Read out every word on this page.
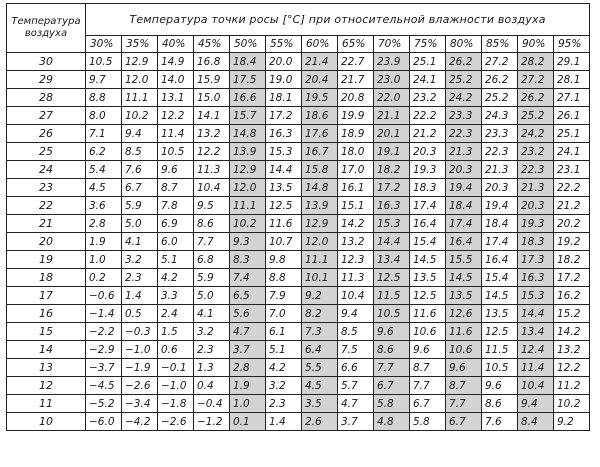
Температура воздуха	Температура точки росы [°С] при относительной влажности воздуха													
	30%	35%	40%	45%	50%	55%	60%	65%	70%	75%	80%	85%	90%	95%
30	10.5	12.9	14.9	16.8	18.4	20.0	21.4	22.7	23.9	25.1	26.2	27.2	28.2	29.1
29	9.7	12.0	14.0	15.9	17.5	19.0	20.4	21.7	23.0	24.1	25.2	26.2	27.2	28.1
28	8.8	11.1	13.1	15.0	16.6	18.1	19.5	20.8	22.0	23.2	24.2	25.2	26.2	27.1
27	8.0	10.2	12.2	14.1	15.7	17.2	18.6	19.9	21.1	22.2	23.3	24.3	25.2	26.1
26	7.1	9.4	11.4	13.2	14.8	16.3	17.6	18.9	20.1	21.2	22.3	23.3	24.2	25.1
25	6.2	8.5	10.5	12.2	13.9	15.3	16.7	18.0	19.1	20.3	21.3	22.3	23.2	24.1
24	5.4	7.6	9.6	11.3	12.9	14.4	15.8	17.0	18.2	19.3	20.3	21.3	22.3	23.1
23	4.5	6.7	8.7	10.4	12.0	13.5	14.8	16.1	17.2	18.3	19.4	20.3	21.3	22.2
22	3.6	5.9	7.8	9.5	11.1	12.5	13.9	15.1	16.3	17.4	18.4	19.4	20.3	21.2
21	2.8	5.0	6.9	8.6	10.2	11.6	12.9	14.2	15.3	16.4	17.4	18.4	19.3	20.2
20	1.9	4.1	6.0	7.7	9.3	10.7	12.0	13.2	14.4	15.4	16.4	17.4	18.3	19.2
19	1.0	3.2	5.1	6.8	8.3	9.8	11.1	12.3	13.4	14.5	15.5	16.4	17.3	18.2
18	0.2	2.3	4.2	5.9	7.4	8.8	10.1	11.3	12.5	13.5	14.5	15.4	16.3	17.2
17	−0.6	1.4	3.3	5.0	6.5	7.9	9.2	10.4	11.5	12.5	13.5	14.5	15.3	16.2
16	−1.4	0.5	2.4	4.1	5.6	7.0	8.2	9.4	10.5	11.6	12.6	13.5	14.4	15.2
15	−2.2	−0.3	1.5	3.2	4.7	6.1	7.3	8.5	9.6	10.6	11.6	12.5	13.4	14.2
14	−2.9	−1.0	0.6	2.3	3.7	5.1	6.4	7.5	8.6	9.6	10.6	11.5	12.4	13.2
13	−3.7	−1.9	−0.1	1.3	2.8	4.2	5.5	6.6	7.7	8.7	9.6	10.5	11.4	12.2
12	−4.5	−2.6	−1.0	0.4	1.9	3.2	4.5	5.7	6.7	7.7	8.7	9.6	10.4	11.2
11	−5.2	−3.4	−1.8	−0.4	1.0	2.3	3.5	4.7	5.8	6.7	7.7	8.6	9.4	10.2
10	−6.0	−4.2	−2.6	−1.2	0.1	1.4	2.6	3.7	4.8	5.8	6.7	7.6	8.4	9.2
